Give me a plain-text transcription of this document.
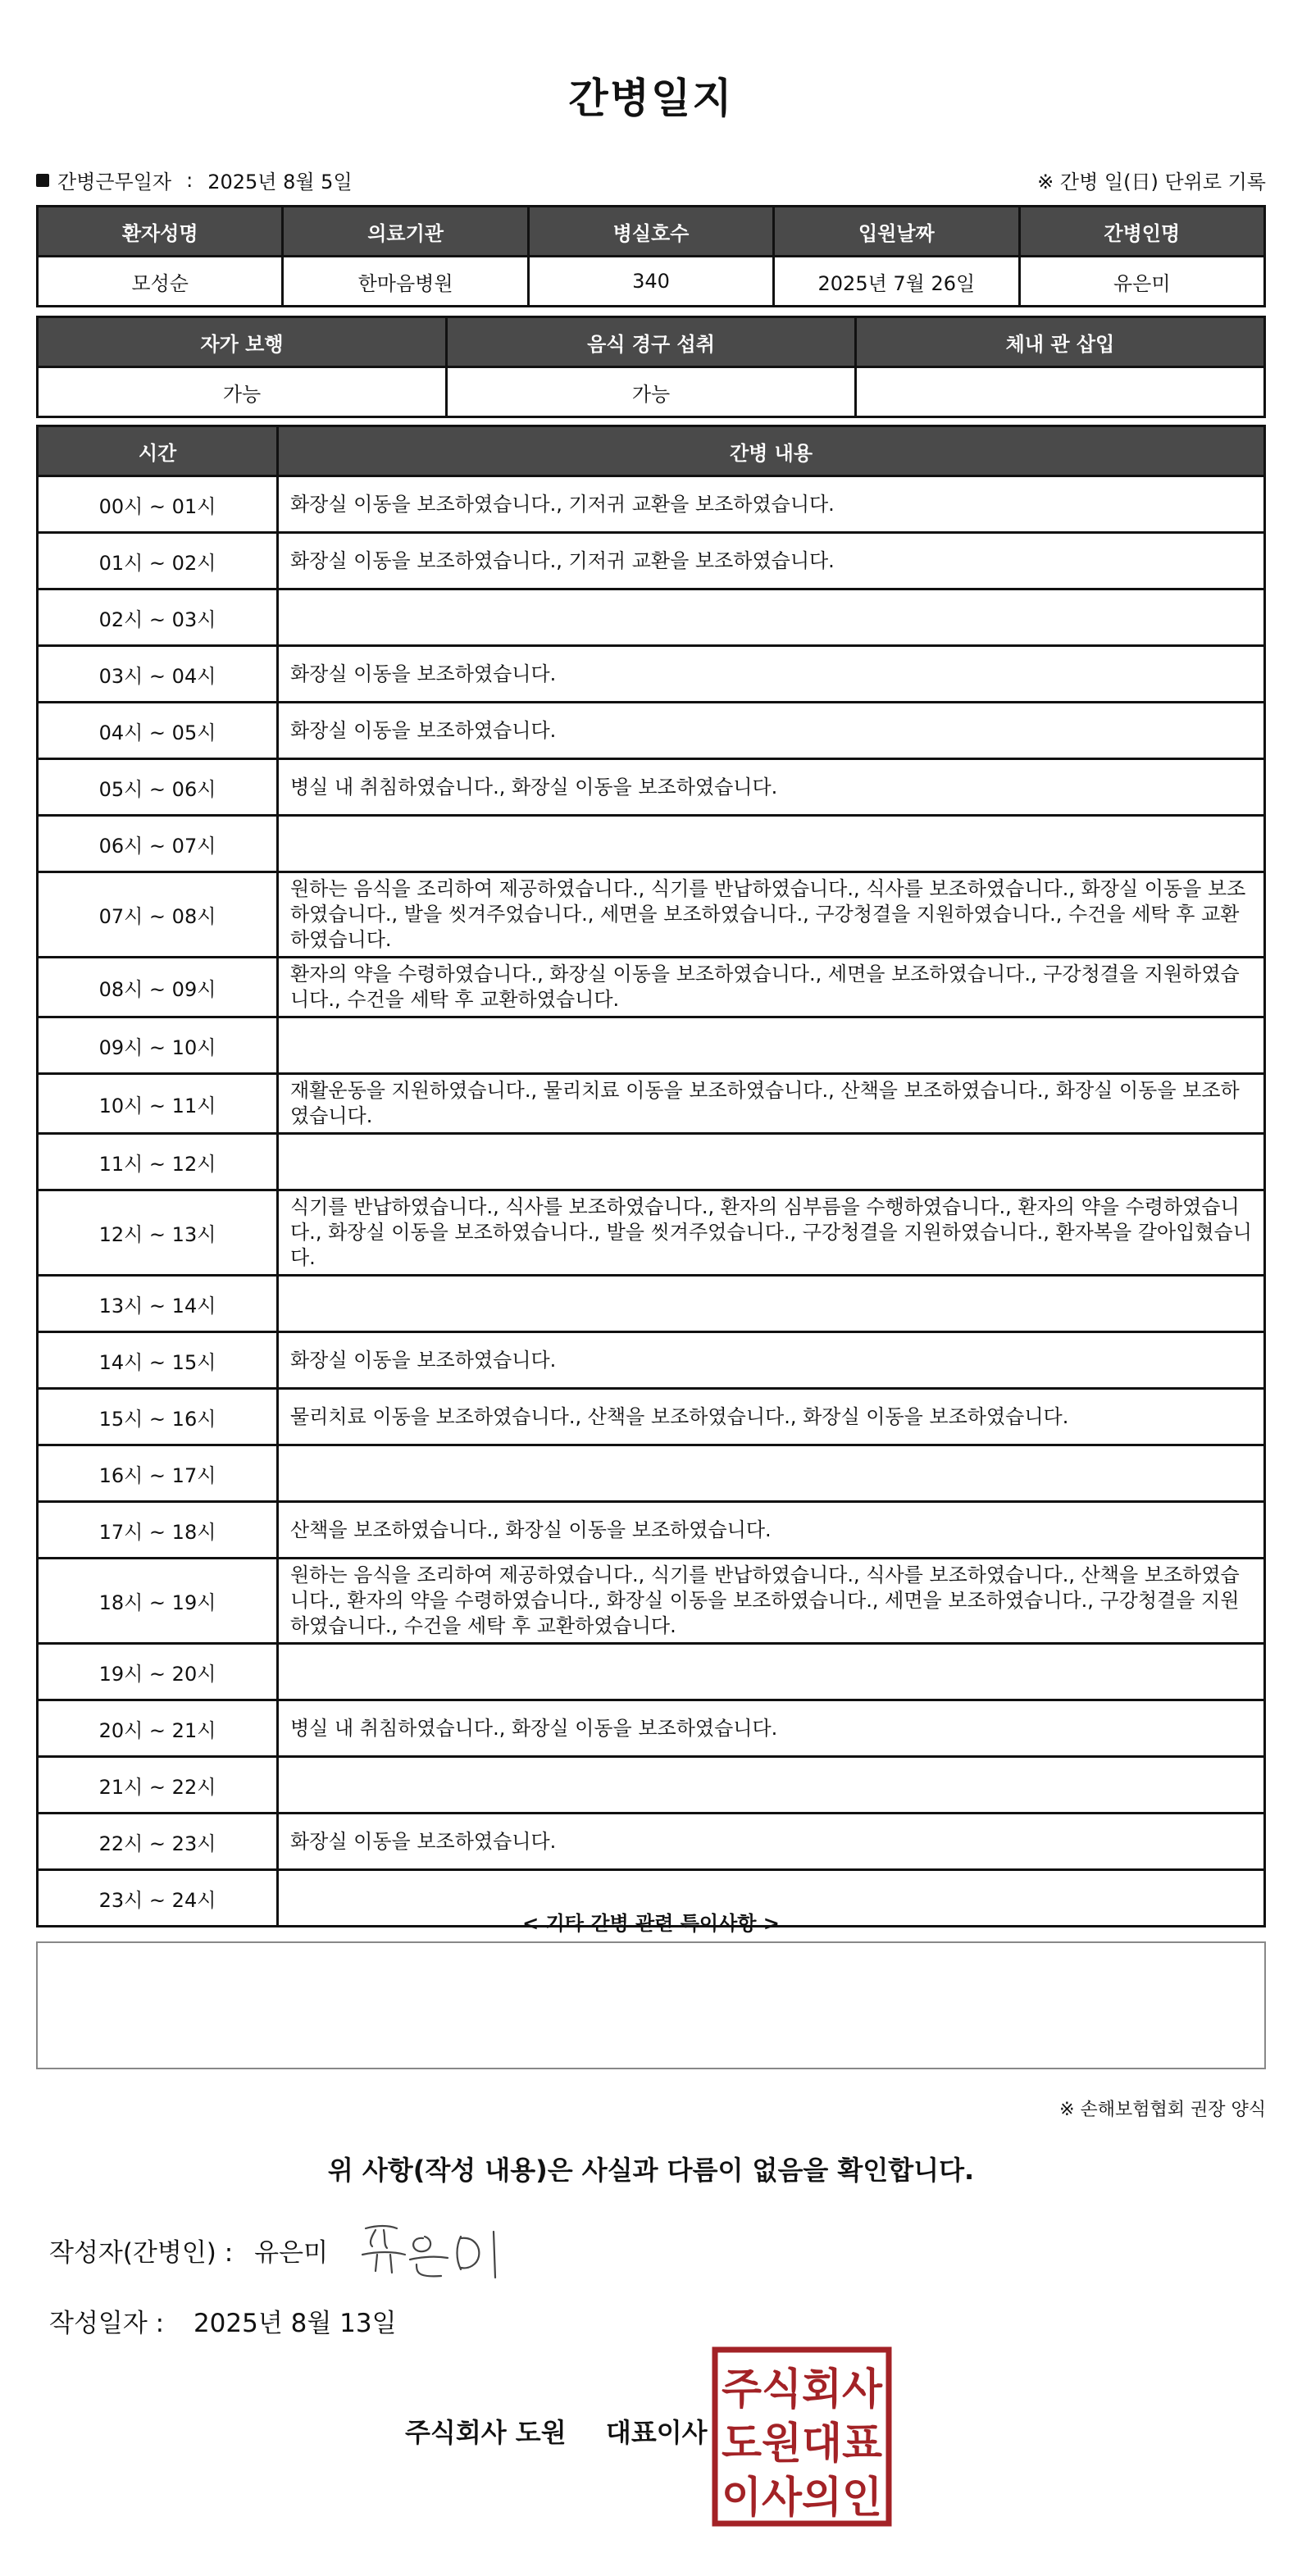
간병일지
간병근무일자 : 2025년 8월 5일	※ 간병 일(日) 단위로 기록
환자성명	의료기관	병실호수	입원날짜	간병인명
모성순	한마음병원	340	2025년 7월 26일	유은미
자가 보행	음식 경구 섭취	체내 관 삽입
가능	가능	
시간	간병 내용
00시 ~ 01시	화장실 이동을 보조하였습니다., 기저귀 교환을 보조하였습니다.
01시 ~ 02시	화장실 이동을 보조하였습니다., 기저귀 교환을 보조하였습니다.
02시 ~ 03시	
03시 ~ 04시	화장실 이동을 보조하였습니다.
04시 ~ 05시	화장실 이동을 보조하였습니다.
05시 ~ 06시	병실 내 취침하였습니다., 화장실 이동을 보조하였습니다.
06시 ~ 07시	
07시 ~ 08시	원하는 음식을 조리하여 제공하였습니다., 식기를 반납하였습니다., 식사를 보조하였습니다., 화장실 이동을 보조하였습니다., 발을 씻겨주었습니다., 세면을 보조하였습니다., 구강청결을 지원하였습니다., 수건을 세탁 후 교환하였습니다.
08시 ~ 09시	환자의 약을 수령하였습니다., 화장실 이동을 보조하였습니다., 세면을 보조하였습니다., 구강청결을 지원하였습니다., 수건을 세탁 후 교환하였습니다.
09시 ~ 10시	
10시 ~ 11시	재활운동을 지원하였습니다., 물리치료 이동을 보조하였습니다., 산책을 보조하였습니다., 화장실 이동을 보조하였습니다.
11시 ~ 12시	
12시 ~ 13시	식기를 반납하였습니다., 식사를 보조하였습니다., 환자의 심부름을 수행하였습니다., 환자의 약을 수령하였습니다., 화장실 이동을 보조하였습니다., 발을 씻겨주었습니다., 구강청결을 지원하였습니다., 환자복을 갈아입혔습니다.
13시 ~ 14시	
14시 ~ 15시	화장실 이동을 보조하였습니다.
15시 ~ 16시	물리치료 이동을 보조하였습니다., 산책을 보조하였습니다., 화장실 이동을 보조하였습니다.
16시 ~ 17시	
17시 ~ 18시	산책을 보조하였습니다., 화장실 이동을 보조하였습니다.
18시 ~ 19시	원하는 음식을 조리하여 제공하였습니다., 식기를 반납하였습니다., 식사를 보조하였습니다., 산책을 보조하였습니다., 환자의 약을 수령하였습니다., 화장실 이동을 보조하였습니다., 세면을 보조하였습니다., 구강청결을 지원하였습니다., 수건을 세탁 후 교환하였습니다.
19시 ~ 20시	
20시 ~ 21시	병실 내 취침하였습니다., 화장실 이동을 보조하였습니다.
21시 ~ 22시	
22시 ~ 23시	화장실 이동을 보조하였습니다.
23시 ~ 24시	
< 기타 간병 관련 특이사항 >
※ 손해보험협회 권장 양식
위 사항(작성 내용)은 사실과 다름이 없음을 확인합니다.
작성자(간병인) : 유은미
작성일자 : 2025년 8월 13일
주식회사 도원 대표이사
주식회사
도원대표
이사의인
